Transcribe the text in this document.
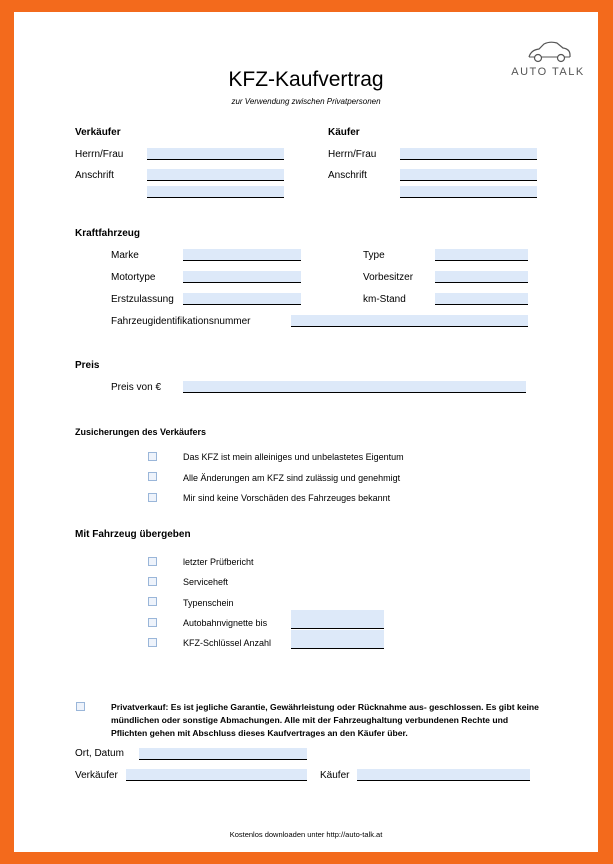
AUTO TALK
KFZ-Kaufvertrag
zur Verwendung zwischen Privatpersonen
Verkäufer
Herrn/Frau
Anschrift
Käufer
Herrn/Frau
Anschrift
Kraftfahrzeug
Marke	Type
Motortype	Vorbesitzer
Erstzulassung	km-Stand
Fahrzeugidentifikationsnummer
Preis
Preis von €
Zusicherungen des Verkäufers
Das KFZ ist mein alleiniges und unbelastetes Eigentum
Alle Änderungen am KFZ sind zulässig und genehmigt
Mir sind keine Vorschäden des Fahrzeuges bekannt
Mit Fahrzeug übergeben
letzter Prüfbericht
Serviceheft
Typenschein
Autobahnvignette bis
KFZ-Schlüssel Anzahl
Privatverkauf: Es ist jegliche Garantie, Gewährleistung oder Rücknahme aus- geschlossen. Es gibt keine mündlichen oder sonstige Abmachungen. Alle mit der Fahrzeughaltung verbundenen Rechte und Pflichten gehen mit Abschluss dieses Kaufvertrages an den Käufer über.
Ort, Datum
Verkäufer	Käufer
Kostenlos downloaden unter http://auto-talk.at
